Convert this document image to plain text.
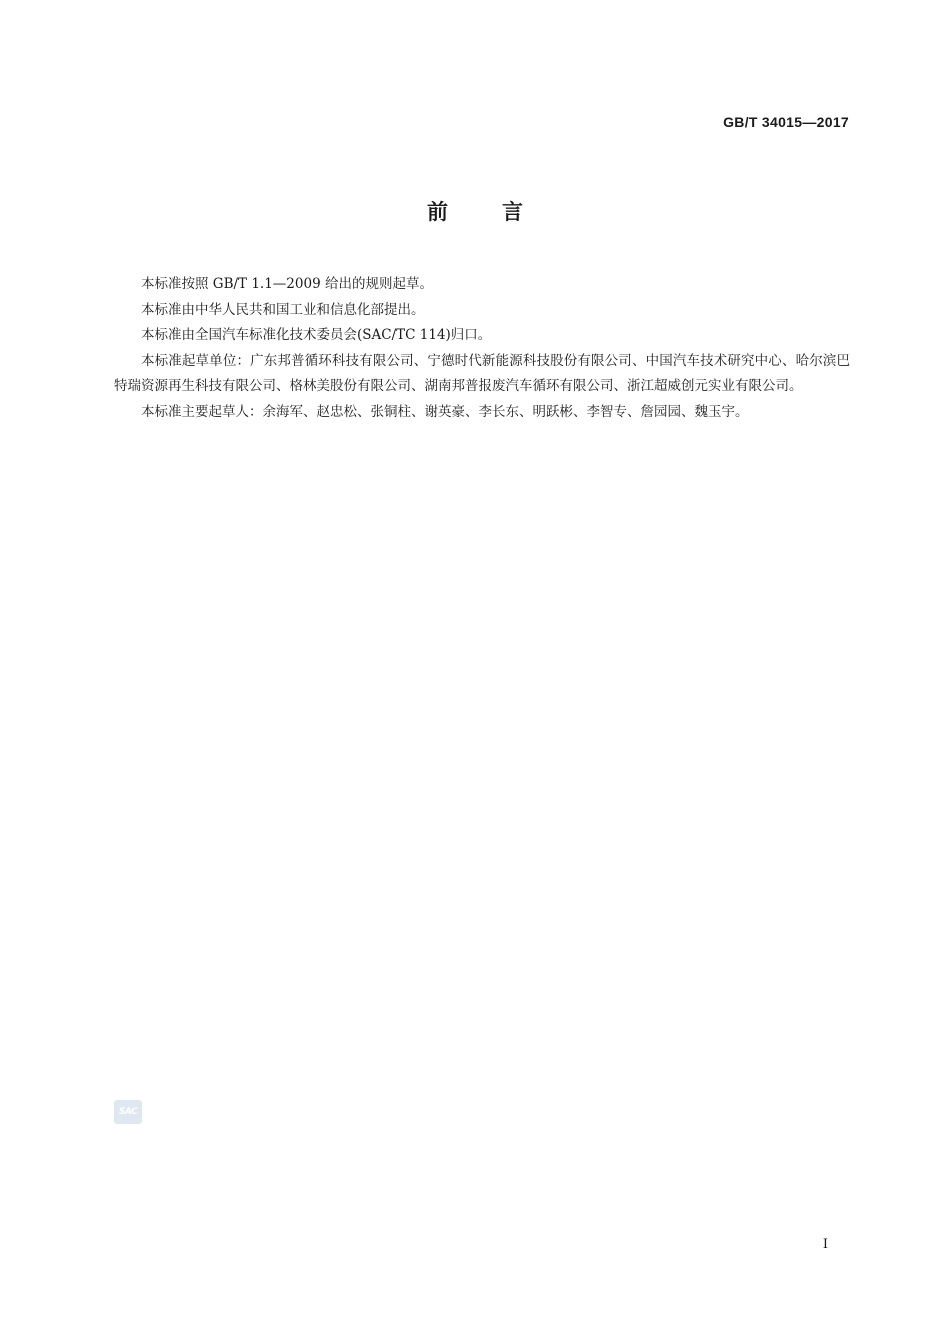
GB/T 34015—2017
前言

本标准按照 GB/T 1.1—2009 给出的规则起草。

本标准由中华人民共和国工业和信息化部提出。

本标准由全国汽车标准化技术委员会(SAC/TC 114)归口。

本标准起草单位：广东邦普循环科技有限公司、宁德时代新能源科技股份有限公司、中国汽车技术研究中心、哈尔滨巴特瑞资源再生科技有限公司、格林美股份有限公司、湖南邦普报废汽车循环有限公司、浙江超威创元实业有限公司。

本标准主要起草人：余海军、赵忠松、张铜柱、谢英豪、李长东、明跃彬、李智专、詹园园、魏玉宇。

SAC
I
